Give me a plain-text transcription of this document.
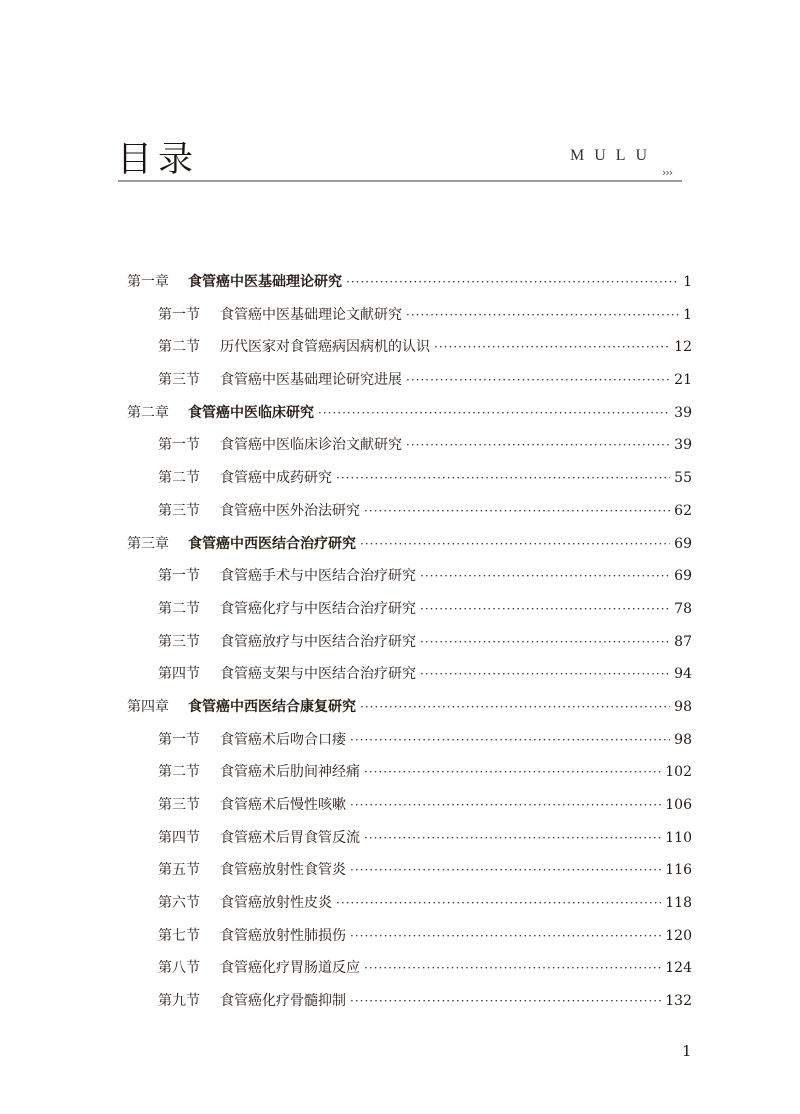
目录	MULU
›››
第一章	食管癌中医基础理论研究 ·····	1
第一节	食管癌中医基础理论文献研究 ·····	1
第二节	历代医家对食管癌病因病机的认识 ·····	12
第三节	食管癌中医基础理论研究进展 ·····	21
第二章	食管癌中医临床研究 ·····	39
第一节	食管癌中医临床诊治文献研究 ·····	39
第二节	食管癌中成药研究 ·····	55
第三节	食管癌中医外治法研究 ·····	62
第三章	食管癌中西医结合治疗研究 ·····	69
第一节	食管癌手术与中医结合治疗研究 ·····	69
第二节	食管癌化疗与中医结合治疗研究 ·····	78
第三节	食管癌放疗与中医结合治疗研究 ·····	87
第四节	食管癌支架与中医结合治疗研究 ·····	94
第四章	食管癌中西医结合康复研究 ·····	98
第一节	食管癌术后吻合口瘘 ·····	98
第二节	食管癌术后肋间神经痛 ·····	102
第三节	食管癌术后慢性咳嗽 ·····	106
第四节	食管癌术后胃食管反流 ·····	110
第五节	食管癌放射性食管炎 ·····	116
第六节	食管癌放射性皮炎 ·····	118
第七节	食管癌放射性肺损伤 ·····	120
第八节	食管癌化疗胃肠道反应 ·····	124
第九节	食管癌化疗骨髓抑制 ·····	132
1
